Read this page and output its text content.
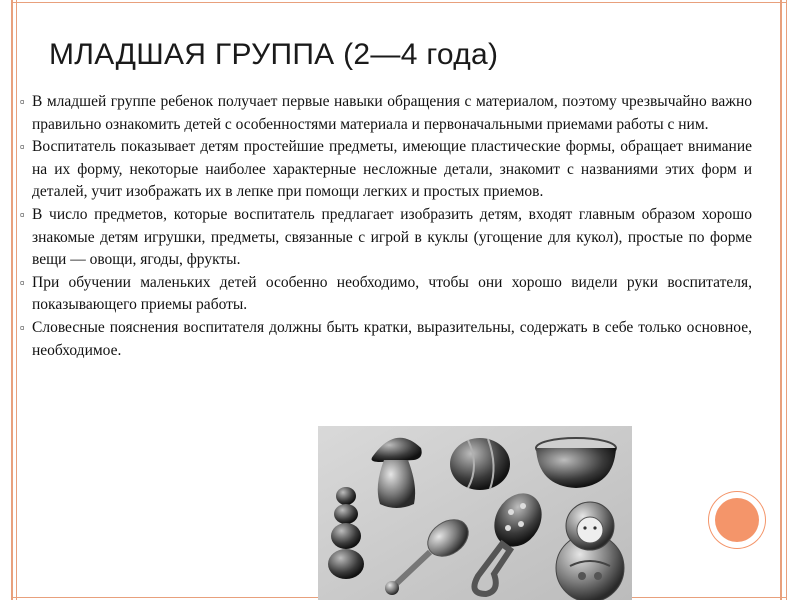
МЛАДШАЯ ГРУППА (2—4 года)

▫ В младшей группе ребенок получает первые навыки обращения с материалом, поэтому чрезвычайно важно правильно ознакомить детей с особенностями материала и первоначальными приемами работы с ним.

▫ Воспитатель показывает детям простейшие предметы, имеющие пластические формы, обращает внимание на их форму, некоторые наиболее характерные несложные детали, знакомит с названиями этих форм и деталей, учит изображать их в лепке при помощи легких и простых приемов.

▫ В число предметов, которые воспитатель предлагает изобразить детям, входят главным образом хорошо знакомые детям игрушки, предметы, связанные с игрой в куклы (угощение для кукол), простые по форме вещи — овощи, ягоды, фрукты.

▫ При обучении маленьких детей особенно необходимо, чтобы они хорошо видели руки воспитателя, показывающего приемы работы.

▫ Словесные пояснения воспитателя должны быть кратки, выразительны, содержать в себе только основное, необходимое.
